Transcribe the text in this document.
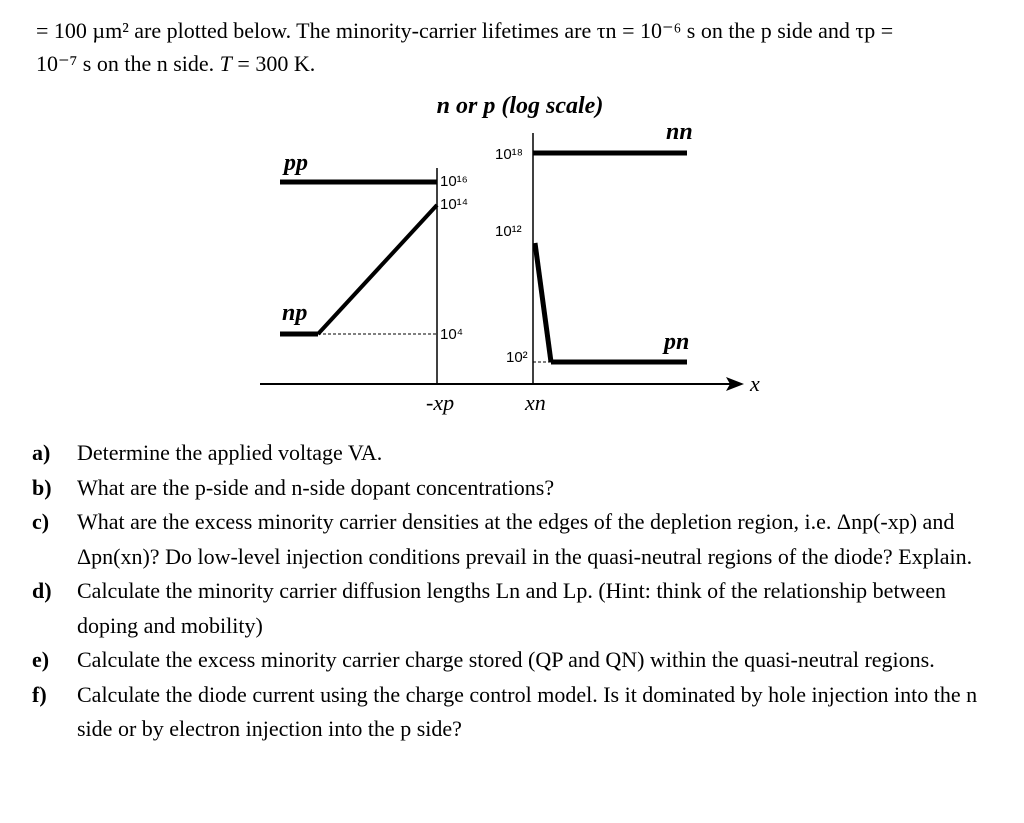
= 100 µm² are plotted below. The minority-carrier lifetimes are τn = 10⁻⁶ s on the p side and τp =

10⁻⁷ s on the n side. T = 300 K.

n or p (log scale)
pp
np
nn
pn
x
-xp	xn
10¹⁶
10¹⁴
10⁴
10¹⁸
10¹²
10²
a) Determine the applied voltage VA.
b) What are the p-side and n-side dopant concentrations?
c) What are the excess minority carrier densities at the edges of the depletion region, i.e. Δnp(-xp) and Δpn(xn)? Do low-level injection conditions prevail in the quasi-neutral regions of the diode? Explain.
d) Calculate the minority carrier diffusion lengths Ln and Lp. (Hint: think of the relationship between doping and mobility)
e) Calculate the excess minority carrier charge stored (QP and QN) within the quasi-neutral regions.
f) Calculate the diode current using the charge control model. Is it dominated by hole injection into the n side or by electron injection into the p side?
